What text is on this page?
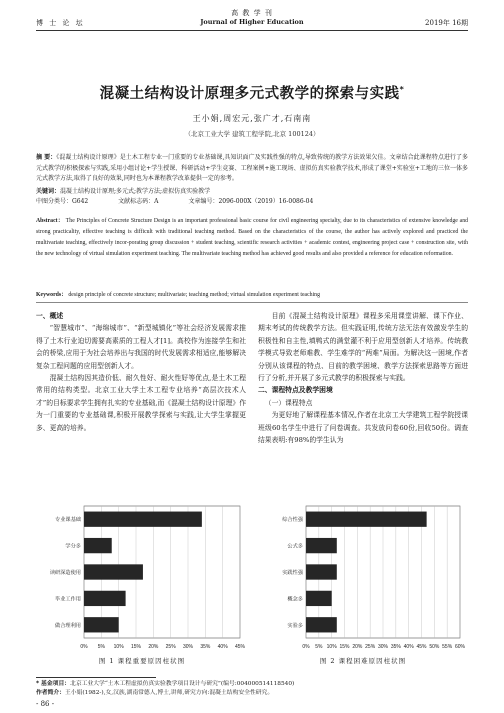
高 教 学 刊
博 士 论 坛	Journal of Higher Education	2019年 16期
混凝土结构设计原理多元式教学的探索与实践*
王小娟,周宏元,张广才,石南南
（北京工业大学 建筑工程学院,北京 100124）
摘 要：《混凝土结构设计原理》是土木工程专业一门重要的专业基础课,具知识面广及实践性强的特点,导致传统的教学方法效果欠佳。文章结合此课程特点进行了多元式教学的积极探索与实践,采用小组讨论+学生授课、科研活动+学生竞赛、工程案例+施工现场、虚拟仿真实验教学技术,形成了课堂+实验室+工地的三位一体多元式教学方法,取得了良好的效果,同时也为本课程教学改革提供一定的参考。
关键词：混凝土结构设计原理;多元式;教学方法;虚拟仿真实验教学
中图分类号：G642	文献标志码：A	文章编号：2096-000X（2019）16-0086-04
Abstract： The Principles of Concrete Structure Design is an important professional basic course for civil engineering specialty, due to its characteristics of extensive knowledge and strong practicality, effective teaching is difficult with traditional teaching method. Based on the characteristics of the course, the author has actively explored and practiced the multivariate teaching, effectively incor-porating group discussion + student teaching, scientific research activities + academic contest, engineering project case + construction site, with the new technology of virtual simulation experiment teaching. The multivariate teaching method has achieved good results and also provided a reference for education reformation.
Keywords： design principle of concrete structure; multivariate; teaching method; virtual simulation experiment teaching
一、概述

“智慧城市”、“海绵城市”、“新型城镇化”等社会经济发展需求推得了土木行业迫切需要高素质的工程人才[1]。高校作为连接学生和社会的桥梁,应用于为社会培养出与我国的时代发展需求相适应,能够解决复杂工程问题的应用型创新人才。

混凝土结构因其造价低、耐久性好、耐火性好等优点,是土木工程常用的结构类型。北京工业大学土木工程专业培养“高层次技术人才”的目标要求学生拥有扎实的专业基础,而《混凝土结构设计原理》作为一门重要的专业基础课,积极开展教学探索与实践,让大学生掌握更多、更高的培养。

目前《混凝土结构设计原理》课程多采用课堂讲解、课下作业、期末考试的传统教学方法。但实践证明,传统方法无法有效激发学生的积极性和自主性,填鸭式的满堂灌不利于应用型创新人才培养。传统教学模式导致老师难教、学生难学的“两难”局面。为解决这一困境,作者分别从该课程的特点、目前的教学困境、教学方法探索思路等方面进行了分析,并开展了多元式教学的积极探索与实践。

二、课程特点及教学困境
（一）课程特点

为更好地了解课程基本情况,作者在北京工大学建筑工程学院授课班级60名学生中进行了问卷调查。共发放问卷60份,回收50份。调查结果表明:有98%的学生认为

0% 5% 10% 15% 20% 25% 30% 35% 40% 45%
专业课基础
学分多
读研深造使用
毕业工作用
做合理利用
图 1 课程重要原因柱状图
0% 5% 10% 15% 20% 25% 30% 35% 40% 45% 50% 55% 60%
综合性强
公式多
实践性强
概念多
实验多
图 2 课程困难原因柱状图
* 基金项目：北京工业大学“土木工程虚拟仿真实验教学项目设计与研究”(编号:004000514118540)
作者简介：王小娟(1982-),女,汉族,湖南常德人,博士,讲师,研究方向:混凝土结构安全性研究。
- 86 -
